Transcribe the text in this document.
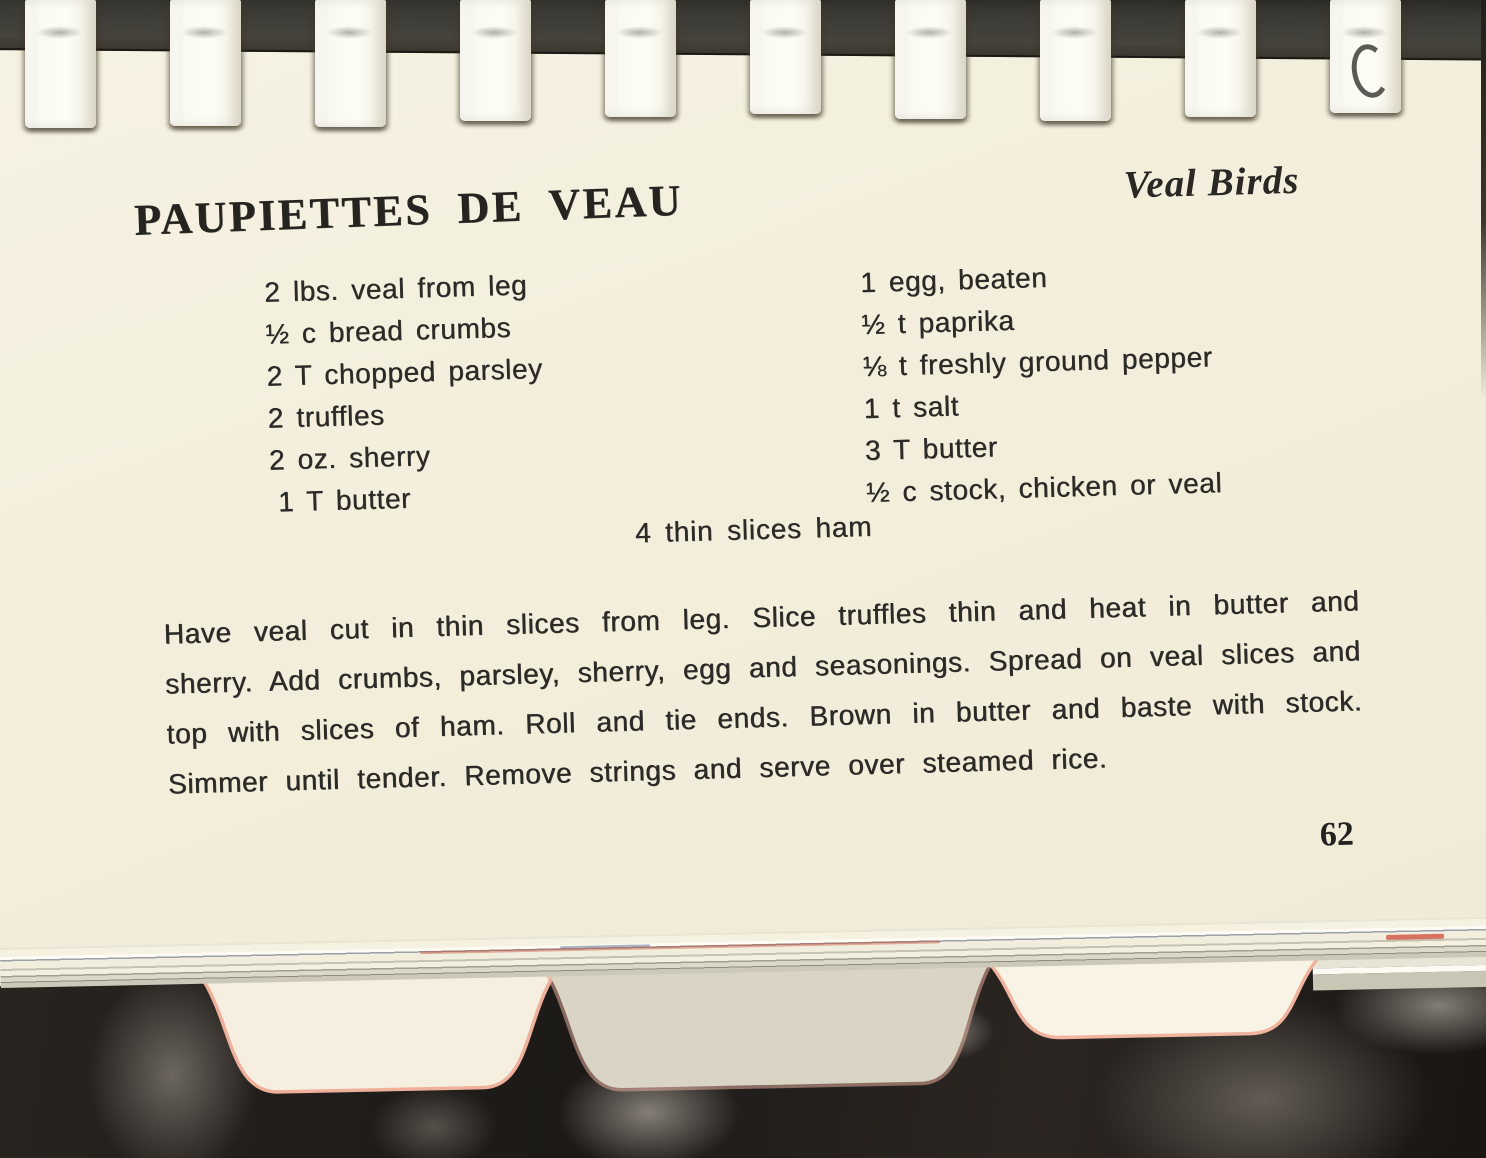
PAUPIETTES DE VEAU	Veal Birds
2 lbs. veal from leg
½ c bread crumbs
2 T chopped parsley
2 truffles
2 oz. sherry
1 T butter
1 egg, beaten
½ t paprika
⅛ t freshly ground pepper
1 t salt
3 T butter
½ c stock, chicken or veal
4 thin slices ham
Have veal cut in thin slices from leg. Slice truffles thin and heat in butter and
sherry. Add crumbs, parsley, sherry, egg and seasonings. Spread on veal slices and
top with slices of ham. Roll and tie ends. Brown in butter and baste with stock.
Simmer until tender. Remove strings and serve over steamed rice.
62
